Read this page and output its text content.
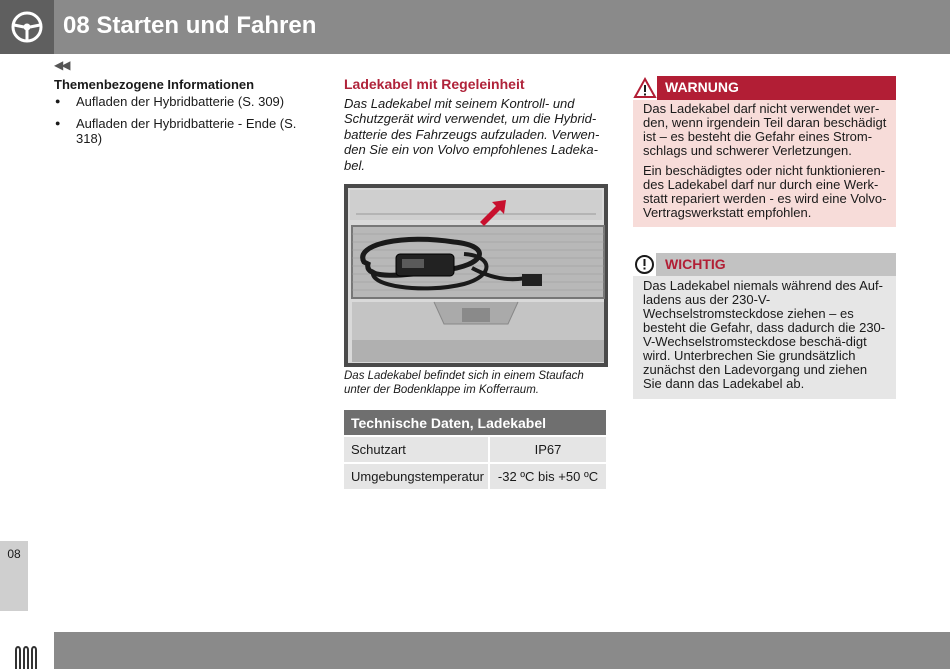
08 Starten und Fahren
◀◀
Themenbezogene Informationen
● Aufladen der Hybridbatterie (S. 309)
● Aufladen der Hybridbatterie - Ende (S. 318)
Ladekabel mit Regeleinheit
Das Ladekabel mit seinem Kontroll- und Schutzgerät wird verwendet, um die Hybrid-batterie des Fahrzeugs aufzuladen. Verwen-den Sie ein von Volvo empfohlenes Ladeka-bel.
Das Ladekabel befindet sich in einem Staufach unter der Bodenklappe im Kofferraum.
Technische Daten, Ladekabel	
Schutzart	IP67
Umgebungstemperatur	-32 ºC bis +50 ºC
WARNUNG

Das Ladekabel darf nicht verwendet wer-den, wenn irgendein Teil daran beschädigt ist – es besteht die Gefahr eines Strom-schlags und schwerer Verletzungen.

Ein beschädigtes oder nicht funktionieren-des Ladekabel darf nur durch eine Werk-statt repariert werden - es wird eine Volvo-Vertragswerkstatt empfohlen.

WICHTIG

Das Ladekabel niemals während des Auf-ladens aus der 230-V-Wechselstromsteckdose ziehen – es besteht die Gefahr, dass dadurch die 230-V-Wechselstromsteckdose beschä-digt wird. Unterbrechen Sie grundsätzlich zunächst den Ladevorgang und ziehen Sie dann das Ladekabel ab.

08
